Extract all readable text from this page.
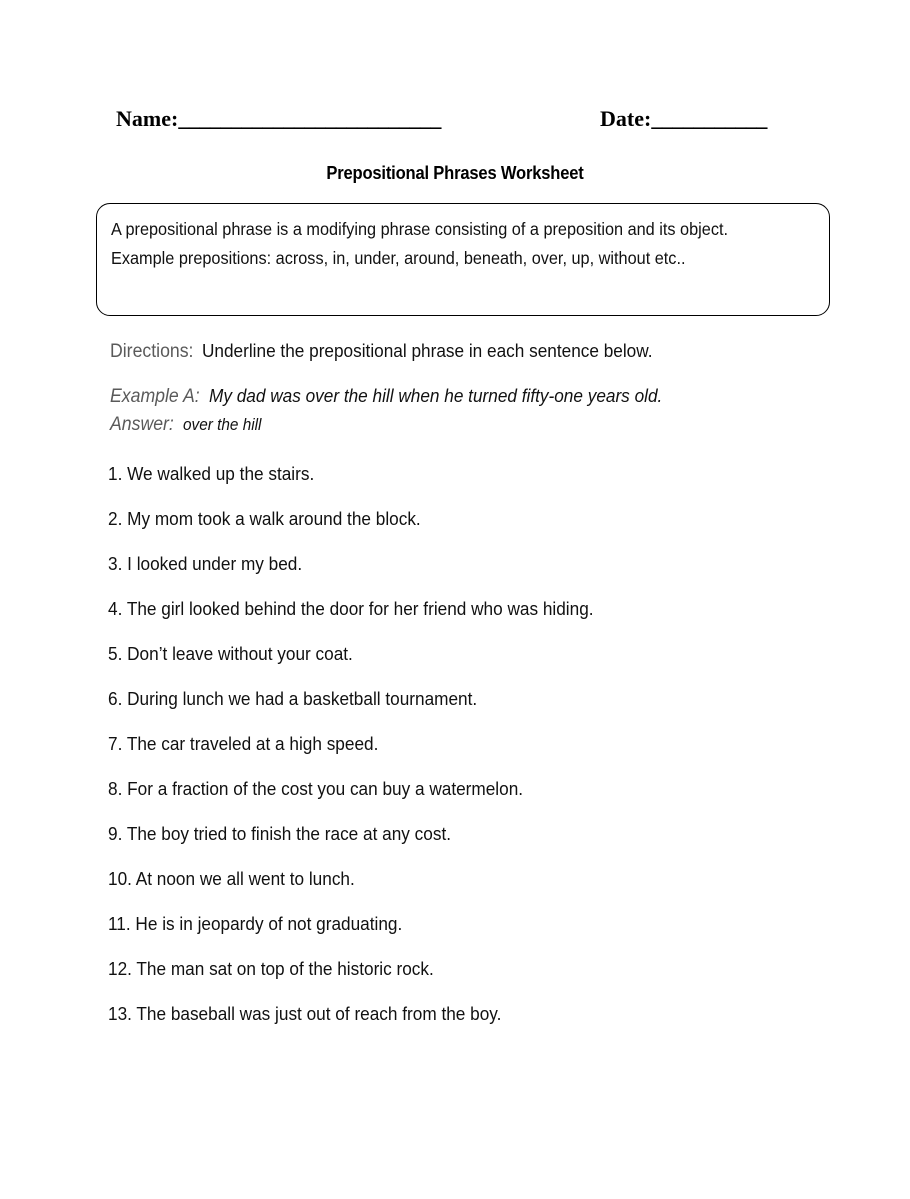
Name:_________________________	Date:___________
Prepositional Phrases Worksheet
A prepositional phrase is a modifying phrase consisting of a preposition and its object.
Example prepositions: across, in, under, around, beneath, over, up, without etc..
Directions: Underline the prepositional phrase in each sentence below.
Example A: My dad was over the hill when he turned fifty-one years old.
Answer: over the hill
1. We walked up the stairs.
2. My mom took a walk around the block.
3. I looked under my bed.
4. The girl looked behind the door for her friend who was hiding.
5. Don’t leave without your coat.
6. During lunch we had a basketball tournament.
7. The car traveled at a high speed.
8. For a fraction of the cost you can buy a watermelon.
9. The boy tried to finish the race at any cost.
10. At noon we all went to lunch.
11. He is in jeopardy of not graduating.
12. The man sat on top of the historic rock.
13. The baseball was just out of reach from the boy.
